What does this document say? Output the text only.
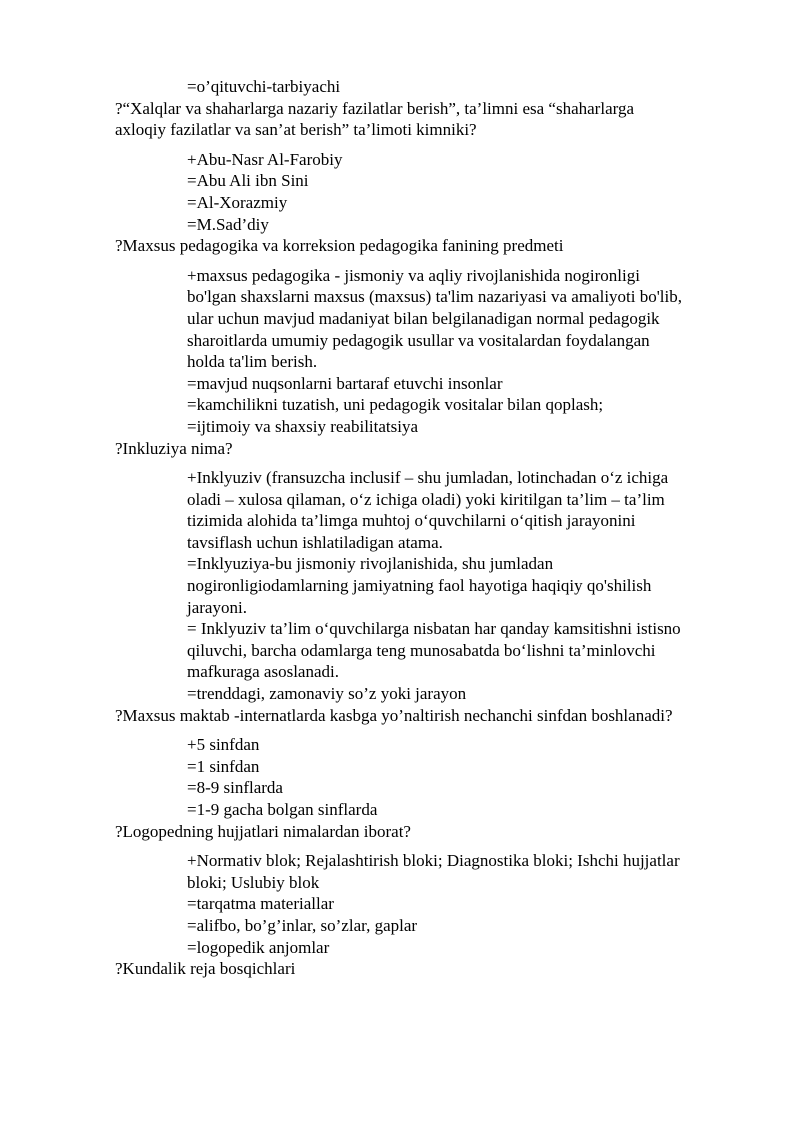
=o’qituvchi-tarbiyachi
?“Xalqlar va shaharlarga nazariy fazilatlar berish”, ta’limni esa “shaharlarga
axloqiy fazilatlar va san’at berish” ta’limoti kimniki?
+Abu-Nasr Al-Farobiy
=Abu Ali ibn Sini
=Al-Xorazmiy
=M.Sad’diy
?Maxsus pedagogika va korreksion pedagogika fanining predmeti
+maxsus pedagogika - jismoniy va aqliy rivojlanishida nogironligi
bo'lgan shaxslarni maxsus (maxsus) ta'lim nazariyasi va amaliyoti bo'lib,
ular uchun mavjud madaniyat bilan belgilanadigan normal pedagogik
sharoitlarda umumiy pedagogik usullar va vositalardan foydalangan
holda ta'lim berish.
=mavjud nuqsonlarni bartaraf etuvchi insonlar
=kamchilikni tuzatish, uni pedagogik vositalar bilan qoplash;
=ijtimoiy va shaxsiy reabilitatsiya
?Inkluziya nima?
+Inklyuziv (fransuzcha inclusif – shu jumladan, lotinchadan o‘z ichiga
oladi – xulosa qilaman, o‘z ichiga oladi) yoki kiritilgan ta’lim – ta’lim
tizimida alohida ta’limga muhtoj o‘quvchilarni o‘qitish jarayonini
tavsiflash uchun ishlatiladigan atama.
=Inklyuziya-bu jismoniy rivojlanishida, shu jumladan
nogironligiodamlarning jamiyatning faol hayotiga haqiqiy qo'shilish
jarayoni.
= Inklyuziv ta’lim o‘quvchilarga nisbatan har qanday kamsitishni istisno
qiluvchi, barcha odamlarga teng munosabatda bo‘lishni ta’minlovchi
mafkuraga asoslanadi.
=trenddagi, zamonaviy so’z yoki jarayon
?Maxsus maktab -internatlarda kasbga yo’naltirish nechanchi sinfdan boshlanadi?
+5 sinfdan
=1 sinfdan
=8-9 sinflarda
=1-9 gacha bolgan sinflarda
?Logopedning hujjatlari nimalardan iborat?
+Normativ blok; Rejalashtirish bloki; Diagnostika bloki; Ishchi hujjatlar
bloki; Uslubiy blok
=tarqatma materiallar
=alifbo, bo’g’inlar, so’zlar, gaplar
=logopedik anjomlar
?Kundalik reja bosqichlari
